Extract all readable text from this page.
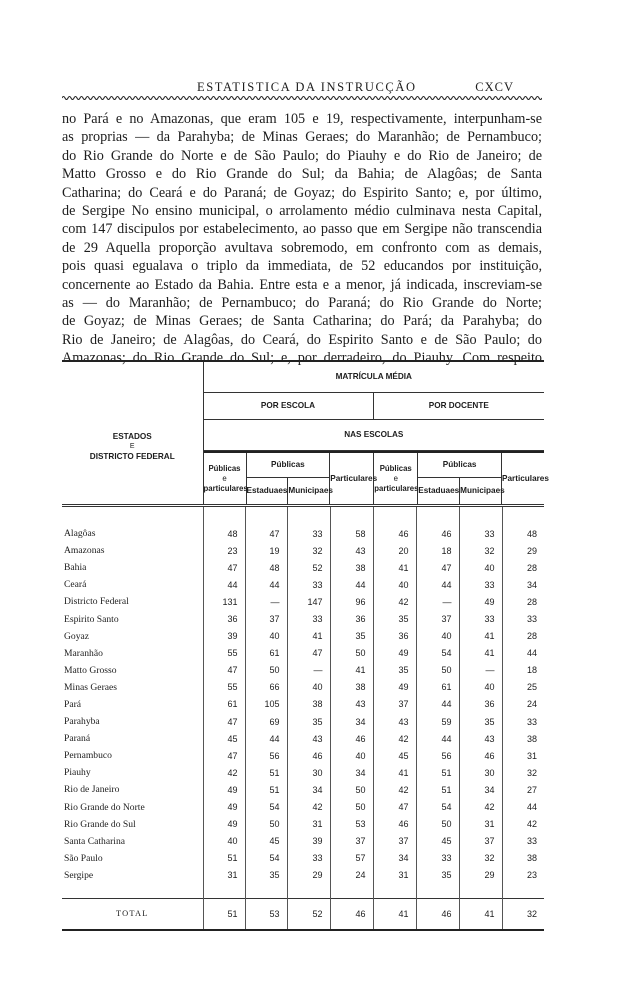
ESTATISTICA DA INSTRUCÇÃO	CXCV

no Pará e no Amazonas, que eram 105 e 19, respectivamente, interpunham-se
as proprias — da Parahyba; de Minas Geraes; do Maranhão; de Pernambuco;
do Rio Grande do Norte e de São Paulo; do Piauhy e do Rio de Janeiro; de
Matto Grosso e do Rio Grande do Sul; da Bahia; de Alagôas; de Santa
Catharina; do Ceará e do Paraná; de Goyaz; do Espirito Santo; e, por último,
de Sergipe No ensino municipal, o arrolamento médio culminava nesta Capital,
com 147 discipulos por estabelecimento, ao passo que em Sergipe não transcendia
de 29 Aquella proporção avultava sobremodo, em confronto com as demais,
pois quasi egualava o triplo da immediata, de 52 educandos por instituição,
concernente ao Estado da Bahia. Entre esta e a menor, já indicada, inscreviam-se
as — do Maranhão; de Pernambuco; do Paraná; do Rio Grande do Norte;
de Goyaz; de Minas Geraes; de Santa Catharina; do Pará; da Parahyba; do
Rio de Janeiro; de Alagôas, do Ceará, do Espirito Santo e de São Paulo; do
Amazonas; do Rio Grande do Sul; e, por derradeiro, do Piauhy. Com respeito

ESTADOS
E
DISTRICTO FEDERAL
	MATRÍCULA MÉDIA
POR ESCOLA	POR DOCENTE
NAS ESCOLAS

Públicas
e
particulares
	Públicas	Particulares	
Públicas
e
particulares
	Públicas	Particulares
Estaduaes	Municipaes	Estaduaes	Municipaes

Alagôas	48	47	33	58	46	46	33	48
Amazonas	23	19	32	43	20	18	32	29
Bahia	47	48	52	38	41	47	40	28
Ceará	44	44	33	44	40	44	33	34
Districto Federal	131	—	147	96	42	—	49	28
Espirito Santo	36	37	33	36	35	37	33	33
Goyaz	39	40	41	35	36	40	41	28
Maranhão	55	61	47	50	49	54	41	44
Matto Grosso	47	50	—	41	35	50	—	18
Minas Geraes	55	66	40	38	49	61	40	25
Pará	61	105	38	43	37	44	36	24
Parahyba	47	69	35	34	43	59	35	33
Paraná	45	44	43	46	42	44	43	38
Pernambuco	47	56	46	40	45	56	46	31
Piauhy	42	51	30	34	41	51	30	32
Rio de Janeiro	49	51	34	50	42	51	34	27
Rio Grande do Norte	49	54	42	50	47	54	42	44
Rio Grande do Sul	49	50	31	53	46	50	31	42
Santa Catharina	40	45	39	37	37	45	37	33
São Paulo	51	54	33	57	34	33	32	38
Sergipe	31	35	29	24	31	35	29	23
TOTAL	51	53	52	46	41	46	41	32
